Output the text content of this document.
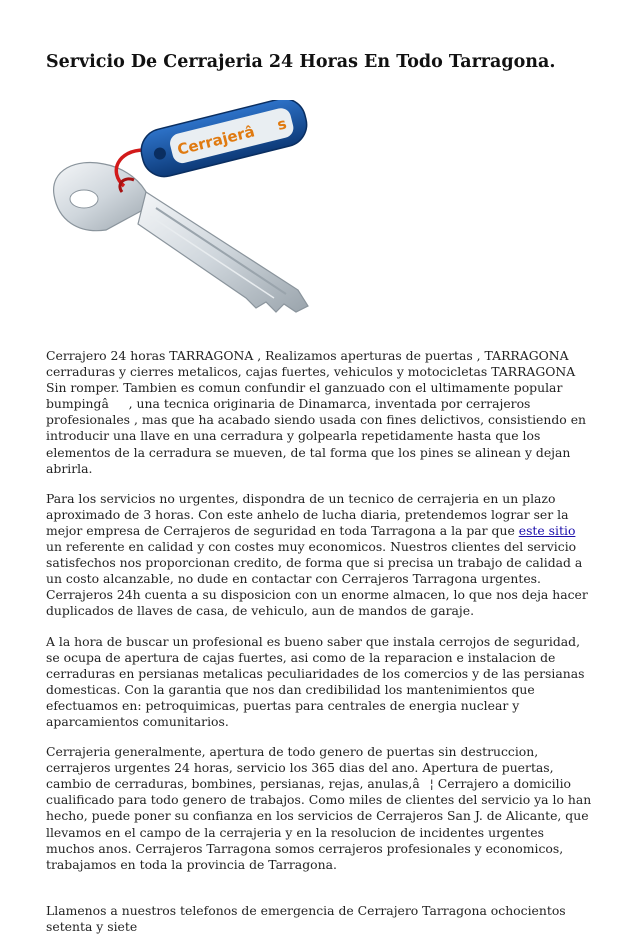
Servicio De Cerrajeria 24 Horas En Todo Tarragona.
Cerrajerâs

Cerrajero 24 horas TARRAGONA , Realizamos aperturas de puertas , TARRAGONA cerraduras y cierres metalicos, cajas fuertes, vehiculos y motocicletas TARRAGONA Sin romper. Tambien es comun confundir el ganzuado con el ultimamente popular bumpingâ, una tecnica originaria de Dinamarca, inventada por cerrajeros profesionales , mas que ha acabado siendo usada con fines delictivos, consistiendo en introducir una llave en una cerradura y golpearla repetidamente hasta que los elementos de la cerradura se mueven, de tal forma que los pines se alinean y dejan abrirla.

Para los servicios no urgentes, dispondra de un tecnico de cerrajeria en un plazo aproximado de 3 horas. Con este anhelo de lucha diaria, pretendemos lograr ser la mejor empresa de Cerrajeros de seguridad en toda Tarragona a la par que este sitio un referente en calidad y con costes muy economicos. Nuestros clientes del servicio satisfechos nos proporcionan credito, de forma que si precisa un trabajo de calidad a un costo alcanzable, no dude en contactar con Cerrajeros Tarragona urgentes. Cerrajeros 24h cuenta a su disposicion con un enorme almacen, lo que nos deja hacer duplicados de llaves de casa, de vehiculo, aun de mandos de garaje.

A la hora de buscar un profesional es bueno saber que instala cerrojos de seguridad, se ocupa de apertura de cajas fuertes, asi como de la reparacion e instalacion de cerraduras en persianas metalicas peculiaridades de los comercios y de las persianas domesticas. Con la garantia que nos dan credibilidad los mantenimientos que efectuamos en: petroquimicas, puertas para centrales de energia nuclear y aparcamientos comunitarios.

Cerrajeria generalmente, apertura de todo genero de puertas sin destruccion, cerrajeros urgentes 24 horas, servicio los 365 dias del ano. Apertura de puertas, cambio de cerraduras, bombines, persianas, rejas, anulas,â¦ Cerrajero a domicilio cualificado para todo genero de trabajos. Como miles de clientes del servicio ya lo han hecho, puede poner su confianza en los servicios de Cerrajeros San J. de Alicante, que llevamos en el campo de la cerrajeria y en la resolucion de incidentes urgentes muchos anos. Cerrajeros Tarragona somos cerrajeros profesionales y economicos, trabajamos en toda la provincia de Tarragona.

Llamenos a nuestros telefonos de emergencia de Cerrajero Tarragona ochocientos setenta y siete
